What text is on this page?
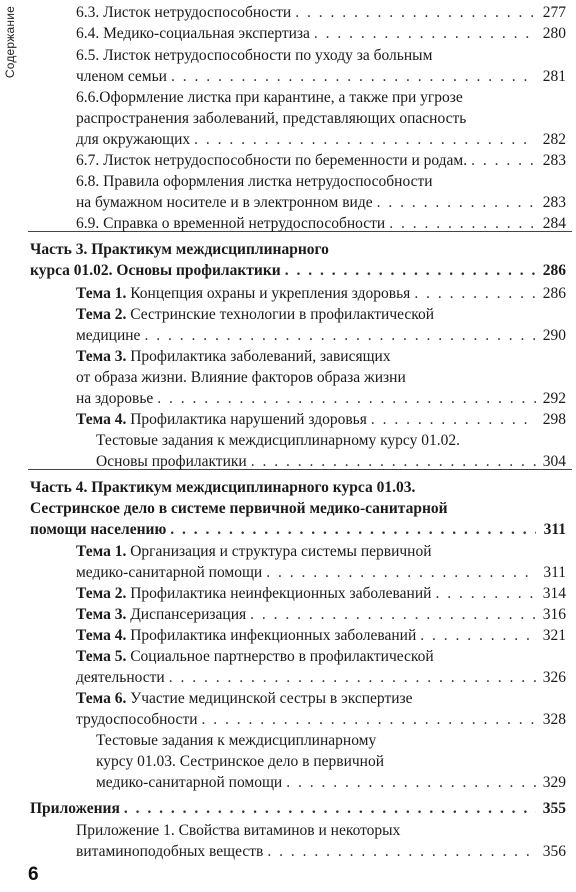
Содержание	6.3. Листок нетрудоспособности . . .	277
6.4. Медико-социальная экспертиза . . .	280
6.5. Листок нетрудоспособности по уходу за больным
членом семьи . . .	281
6.6.Оформление листка при карантине, а также при угрозе
распространения заболеваний, представляющих опасность
для окружающих . . .	282
6.7. Листок нетрудоспособности по беременности и родам. . . .	283
6.8. Правила оформления листка нетрудоспособности
на бумажном носителе и в электронном виде . . .	283
6.9. Справка о временной нетрудоспособности . . .	284
Часть 3. Практикум междисциплинарного
курса 01.02. Основы профилактики . . .	286
Тема 1. Концепция охраны и укрепления здоровья . . .	286
Тема 2. Сестринские технологии в профилактической
медицине . . .	290
Тема 3. Профилактика заболеваний, зависящих
от образа жизни. Влияние факторов образа жизни
на здоровье . . .	292
Тема 4. Профилактика нарушений здоровья . . .	298
Тестовые задания к междисциплинарному курсу 01.02.
Основы профилактики . . .	304
Часть 4. Практикум междисциплинарного курса 01.03.
Сестринское дело в системе первичной медико-санитарной
помощи населению . . .	311
Тема 1. Организация и структура системы первичной
медико-санитарной помощи . . .	311
Тема 2. Профилактика неинфекционных заболеваний . . .	314
Тема 3. Диспансеризация . . .	316
Тема 4. Профилактика инфекционных заболеваний . . .	321
Тема 5. Социальное партнерство в профилактической
деятельности . . .	326
Тема 6. Участие медицинской сестры в экспертизе
трудоспособности . . .	328
Тестовые задания к междисциплинарному
курсу 01.03. Сестринское дело в первичной
медико-санитарной помощи . . .	329
Приложения . . .	355
Приложение 1. Свойства витаминов и некоторых
витаминоподобных веществ . . .	356
6
